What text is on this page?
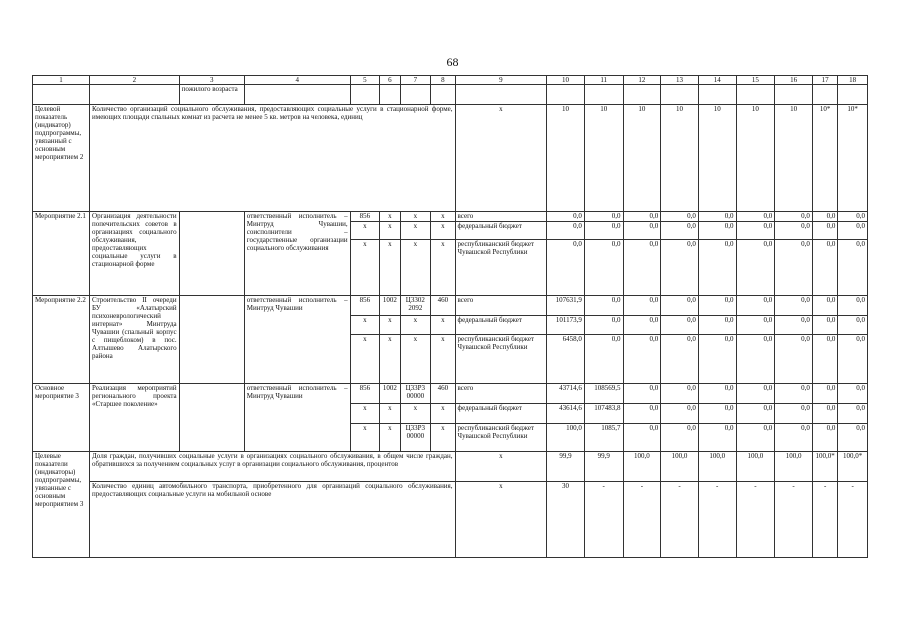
68
1	2	3	4	5	6	7	8	9	10	11	12	13	14	15	16	17	18
		пожилого возраста															
Целевой показатель (индикатор) подпрограммы, увязанный с основным мероприятием 2	Количество организаций социального обслуживания, предоставляющих социальные услуги в стационарной форме, имеющих площади спальных комнат из расчета не менее 5 кв. метров на человека, единиц							x	10	10	10	10	10	10	10	10*	10*
Мероприятие 2.1	Организация деятельности попечительских советов в организациях социального обслуживания, предоставляющих социальные услуги в стационарной форме		ответственный исполнитель – Минтруд Чувашии, соисполнители – государственные организации социального обслуживания	856	x	x	x	всего	0,0	0,0	0,0	0,0	0,0	0,0	0,0	0,0	0,0
				x	x	x	x	федеральный бюджет	0,0	0,0	0,0	0,0	0,0	0,0	0,0	0,0	0,0
				x	x	x	x	республиканский бюджет Чувашской Республики	0,0	0,0	0,0	0,0	0,0	0,0	0,0	0,0	0,0
Мероприятие 2.2	Строительство II очереди БУ «Алатырский психоневрологический интернат» Минтруда Чувашии (спальный корпус с пищеблоком) в пос. Алтышево Алатырского района		ответственный исполнитель – Минтруд Чувашии	856	1002	Ц3302 2092	460	всего	107631,9	0,0	0,0	0,0	0,0	0,0	0,0	0,0	0,0
				x	x	x	x	федеральный бюджет	101173,9	0,0	0,0	0,0	0,0	0,0	0,0	0,0	0,0
				x	x	x	x	республиканский бюджет Чувашской Республики	6458,0	0,0	0,0	0,0	0,0	0,0	0,0	0,0	0,0
Основное мероприятие 3	Реализация мероприятий регионального проекта «Старшее поколение»		ответственный исполнитель – Минтруд Чувашии	856	1002	Ц33Р3 00000	460	всего	43714,6	108569,5	0,0	0,0	0,0	0,0	0,0	0,0	0,0
				x	x	x	x	федеральный бюджет	43614,6	107483,8	0,0	0,0	0,0	0,0	0,0	0,0	0,0
				x	x	Ц33Р3 00000	x	республиканский бюджет Чувашской Республики	100,0	1085,7	0,0	0,0	0,0	0,0	0,0	0,0	0,0
Целевые показатели (индикаторы) подпрограммы, увязанные с основным мероприятием 3	Доля граждан, получивших социальные услуги в организациях социального обслуживания, в общем числе граждан, обратившихся за получением социальных услуг в организации социального обслуживания, процентов							x	99,9	99,9	100,0	100,0	100,0	100,0	100,0	100,0*	100,0*
	Количество единиц автомобильного транспорта, приобретенного для организаций социального обслуживания, предоставляющих социальные услуги на мобильной основе							x	30	-	-	-	-	-	-	-	-
